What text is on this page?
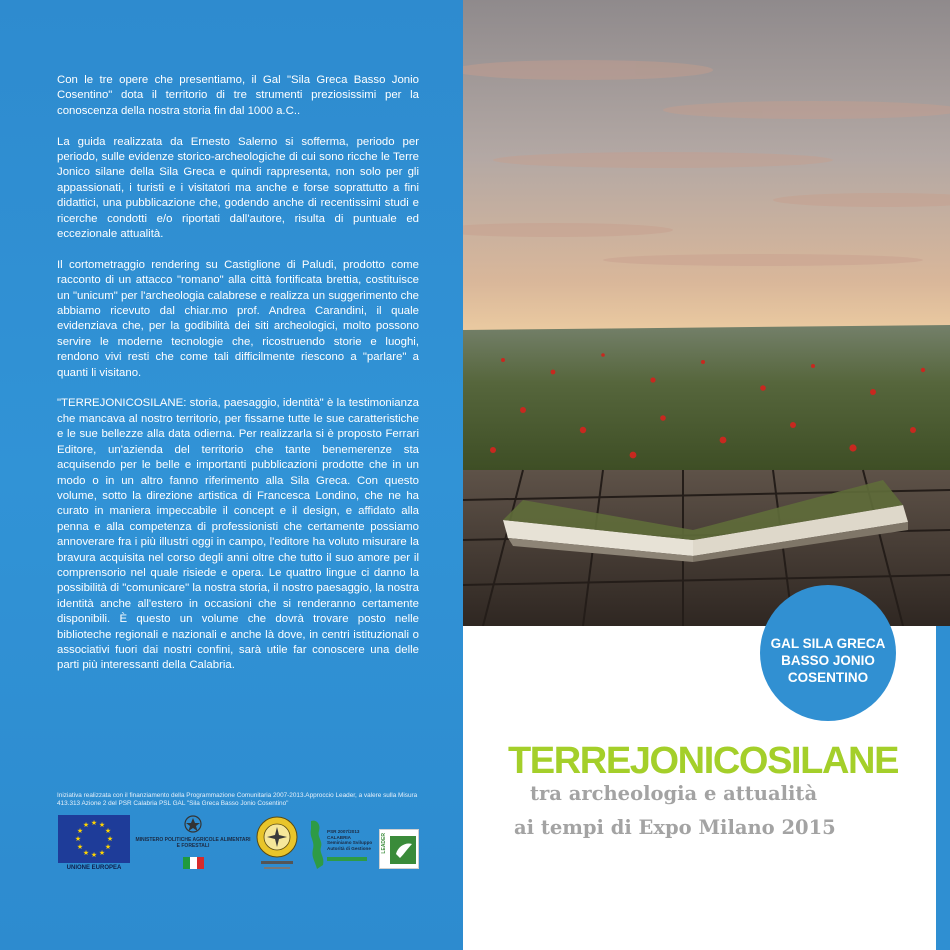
Con le tre opere che presentiamo, il Gal "Sila Greca Basso Jonio Cosentino" dota il territorio di tre strumenti preziosissimi per la conoscenza della nostra storia fin dal 1000 a.C..

La guida realizzata da Ernesto Salerno si sofferma, periodo per periodo, sulle evidenze storico-archeologiche di cui sono ricche le Terre Jonico silane della Sila Greca e quindi rappresenta, non solo per gli appassionati, i turisti e i visitatori ma anche e forse soprattutto a fini didattici, una pubblicazione che, godendo anche di recentissimi studi e ricerche condotti e/o riportati dall'autore, risulta di puntuale ed eccezionale attualità.

Il cortometraggio rendering su Castiglione di Paludi, prodotto come racconto di un attacco "romano" alla città fortificata brettia, costituisce un "unicum" per l'archeologia calabrese e realizza un suggerimento che abbiamo ricevuto dal chiar.mo prof. Andrea Carandini, il quale evidenziava che, per la godibilità dei siti archeologici, molto possono servire le moderne tecnologie che, ricostruendo storie e luoghi, rendono vivi resti che come tali difficilmente riescono a "parlare" a quanti li visitano.

"TERREJONICOSILANE: storia, paesaggio, identità" è la testimonianza che mancava al nostro territorio, per fissarne tutte le sue caratteristiche e le sue bellezze alla data odierna. Per realizzarla si è proposto Ferrari Editore, un'azienda del territorio che tante benemerenze sta acquisendo per le belle e importanti pubblicazioni prodotte che in un modo o in un altro fanno riferimento alla Sila Greca. Con questo volume, sotto la direzione artistica di Francesca Londino, che ne ha curato in maniera impeccabile il concept e il design, e affidato alla penna e alla competenza di professionisti che certamente possiamo annoverare fra i più illustri oggi in campo, l'editore ha voluto misurare la bravura acquisita nel corso degli anni oltre che tutto il suo amore per il comprensorio nel quale risiede e opera. Le quattro lingue ci danno la possibilità di "comunicare" la nostra storia, il nostro paesaggio, la nostra identità anche all'estero in occasioni che si renderanno certamente disponibili. È questo un volume che dovrà trovare posto nelle biblioteche regionali e nazionali e anche là dove, in centri istituzionali o associativi fuori dai nostri confini, sarà utile far conoscere una delle parti più interessanti della Calabria.

Iniziativa realizzata con il finanziamento della Programmazione Comunitaria 2007-2013.Approccio Leader, a valere sulla Misura 413.313 Azione 2 del PSR Calabria PSL GAL "Sila Greca Basso Jonio Cosentino"
★ ★
★
★
★
★
★
★
★
★
★
★
UNIONE EUROPEA
MINISTERO POLITICHE AGRICOLE ALIMENTARI E FORESTALI
PSR 2007/2013 CALABRIA Seminiamo Sviluppo Autorità di Gestione	LEADER
GAL SILA GRECA
BASSO JONIO
COSENTINO
TERREJONICOSILANE
tra archeologia e attualità
ai tempi di Expo Milano 2015
